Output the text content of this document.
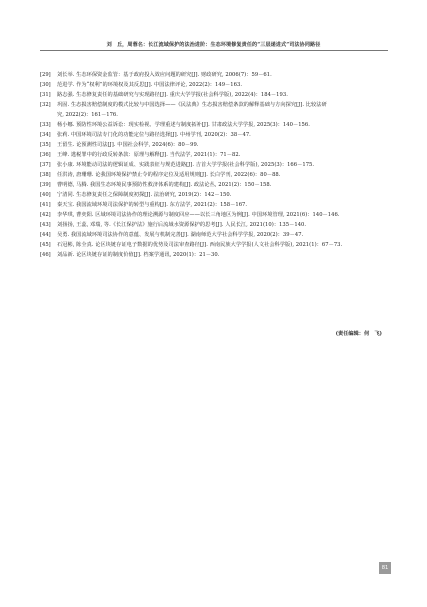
刘　丘，周蓉名：长江流域保护的法治进阶：生态环境修复责任的“三层递进式”司法协同路径
[29] 刘长举. 生态环保资金监管：基于政府投入效应问题的研究[J]. 财政研究, 2006(7)：59－61.
[30] 范进学. 作为“权利”的环境权及其反思[J]. 中国法律评论, 2022(2)：149－163.
[31] 路志强. 生态修复责任的基础研究与实现路径[J]. 重庆大学学报(社会科学版), 2022(4)：184－193.
[32] 巩固. 生态损害赔偿制度的模式比较与中国选择——《民法典》生态损害赔偿条款的解释基础与方向探究[J]. 比较法研
究, 2022(2)：161－176.
[33] 杨小娜. 预防性环境公益诉讼：现实检视、学理重述与制度拓补[J]. 甘肃政法大学学报, 2025(3)：140－156.
[34] 张莉. 中国环境司法专门化的功能定位与路径选择[J]. 中州学刊, 2020(2)：38－47.
[35] 王留生. 论预测性司法[J]. 中国社会科学, 2024(6)：80－99.
[36] 王峰. 逃税罪中的行政反转条款：原理与解释[J]. 当代法学, 2021(1)：71－82.
[37] 张小康. 环境能动司法的逻辑证成、实践表征与规范进路[J]. 吉首大学学报(社会科学版), 2025(3)：166－175.
[38] 任洪涛, 唐珊珊. 论我国环境保护禁止令的程序定位及适用规则[J]. 长白学刊, 2022(6)：80－88.
[39] 曹明德, 马腾. 我国生态环境民事预防性救济体系的建构[J]. 政法论丛, 2021(2)：150－158.
[40] 宁清同. 生态修复责任之保障制度初探[J]. 法治研究, 2019(2)：142－150.
[41] 秦天宝. 我国流域环境司法保护的转型与重构[J]. 东方法学, 2021(2)：158－167.
[42] 李华琪, 曹奕阳. 区域环境司法协作的理论溯源与制度回应——以长三角地区为例[J]. 中国环境管理, 2021(6)：140－146.
[43] 刘扬扬, 王蕊, 邓瑞, 等.《长江保护法》施行后流域水资源保护的思考[J]. 人民长江, 2021(10)：135－140.
[44] 吴勇. 我国流域环境司法协作的意蕴、发展与机制完善[J]. 湖南师范大学社会科学学报, 2020(2)：39－47.
[45] 石冠彬, 陈全真. 论区块链存证电子数据的优势及司法审查路径[J]. 西南民族大学学报(人文社会科学版), 2021(1)：67－73.
[46] 刘品新. 论区块链存证的制度价值[J]. 档案学通讯, 2020(1)：21－30.
(责任编辑：何　飞)
81
